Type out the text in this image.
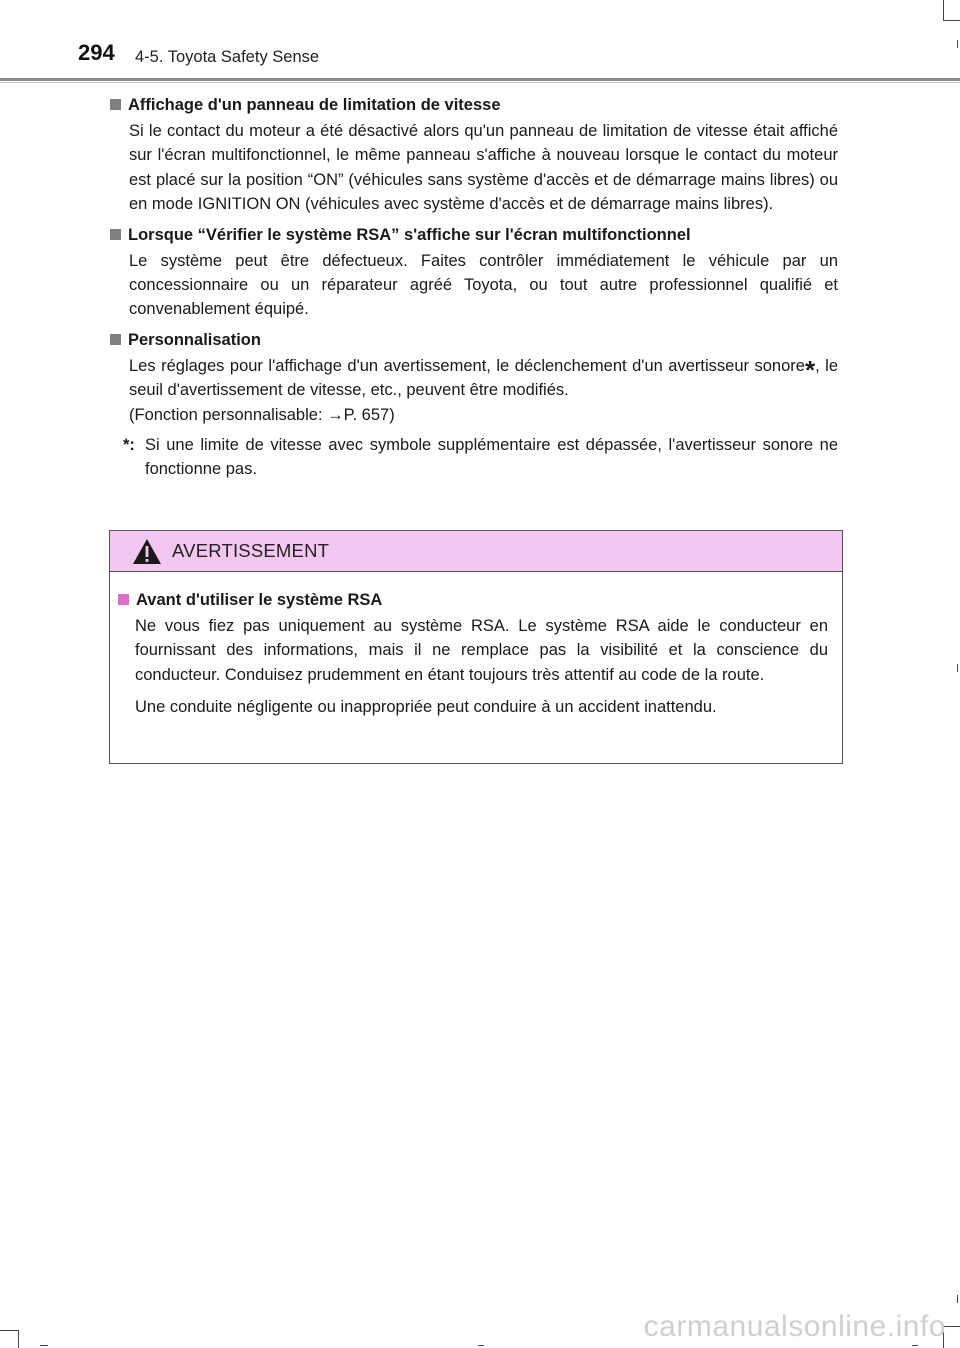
294 4-5. Toyota Safety Sense
Affichage d'un panneau de limitation de vitesse
Si le contact du moteur a été désactivé alors qu'un panneau de limitation de vitesse était affiché sur l'écran multifonctionnel, le même panneau s'affiche à nouveau lorsque le contact du moteur est placé sur la position “ON” (véhicules sans système d'accès et de démarrage mains libres) ou en mode IGNITION ON (véhicules avec système d'accès et de démarrage mains libres).
Lorsque “Vérifier le système RSA” s'affiche sur l'écran multifonctionnel
Le système peut être défectueux. Faites contrôler immédiatement le véhicule par un concessionnaire ou un réparateur agréé Toyota, ou tout autre professionnel qualifié et convenablement équipé.
Personnalisation
Les réglages pour l'affichage d'un avertissement, le déclenchement d'un avertisseur sonore*, le seuil d'avertissement de vitesse, etc., peuvent être modifiés.
(Fonction personnalisable: →P. 657)
*: Si une limite de vitesse avec symbole supplémentaire est dépassée, l'avertisseur sonore ne fonctionne pas.
AVERTISSEMENT
Avant d'utiliser le système RSA
Ne vous fiez pas uniquement au système RSA. Le système RSA aide le conducteur en fournissant des informations, mais il ne remplace pas la visibilité et la conscience du conducteur. Conduisez prudemment en étant toujours très attentif au code de la route.
Une conduite négligente ou inappropriée peut conduire à un accident inattendu.
carmanualsonline.info
